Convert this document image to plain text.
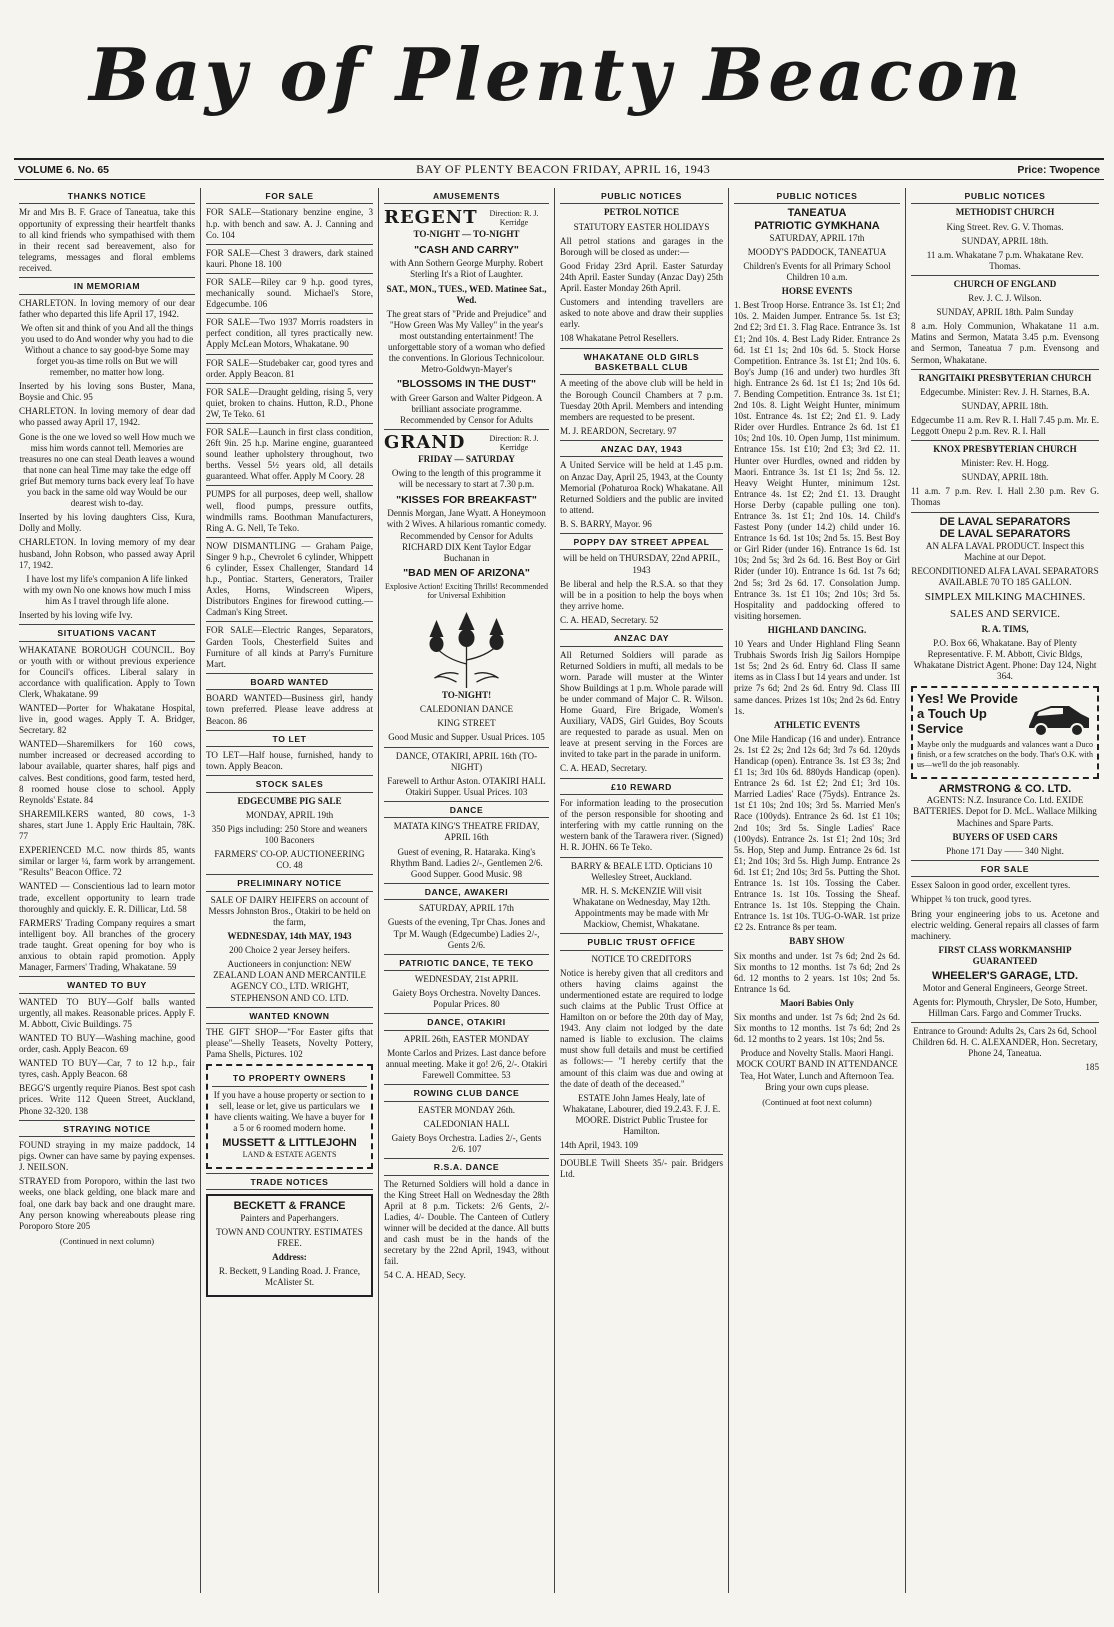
Bay of Plenty Beacon
VOLUME 6. No. 65	BAY OF PLENTY BEACON FRIDAY, APRIL 16, 1943	Price: Twopence
THANKS NOTICE

Mr and Mrs B. F. Grace of Taneatua, take this opportunity of expressing their heartfelt thanks to all kind friends who sympathised with them in their recent sad bereavement, also for telegrams, messages and floral emblems received.

IN MEMORIAM

CHARLETON. In loving memory of our dear father who departed this life April 17, 1942.

We often sit and think of you And all the things you used to do And wonder why you had to die Without a chance to say good-bye Some may forget you-as time rolls on But we will remember, no matter how long.

Inserted by his loving sons Buster, Mana, Boysie and Chic. 95

CHARLETON. In loving memory of dear dad who passed away April 17, 1942.

Gone is the one we loved so well How much we miss him words cannot tell. Memories are treasures no one can steal Death leaves a wound that none can heal Time may take the edge off grief But memory turns back every leaf To have you back in the same old way Would be our dearest wish to-day.

Inserted by his loving daughters Ciss, Kura, Dolly and Molly.

CHARLETON. In loving memory of my dear husband, John Robson, who passed away April 17, 1942.

I have lost my life's companion A life linked with my own No one knows how much I miss him As I travel through life alone.

Inserted by his loving wife Ivy.

SITUATIONS VACANT

WHAKATANE BOROUGH COUNCIL. Boy or youth with or without previous experience for Council's offices. Liberal salary in accordance with qualification. Apply to Town Clerk, Whakatane. 99

WANTED—Porter for Whakatane Hospital, live in, good wages. Apply T. A. Bridger, Secretary. 82

WANTED—Sharemilkers for 160 cows, number increased or decreased according to labour available, quarter shares, half pigs and calves. Best conditions, good farm, tested herd, 8 roomed house close to school. Apply Reynolds' Estate. 84

SHAREMILKERS wanted, 80 cows, 1-3 shares, start June 1. Apply Eric Haultain, 78K. 77

EXPERIENCED M.C. now thirds 85, wants similar or larger ¼, farm work by arrangement. "Results" Beacon Office. 72

WANTED — Conscientious lad to learn motor trade, excellent opportunity to learn trade thoroughly and quickly. E. R. Dillicar, Ltd. 58

FARMERS' Trading Company requires a smart intelligent boy. All branches of the grocery trade taught. Great opening for boy who is anxious to obtain rapid promotion. Apply Manager, Farmers' Trading, Whakatane. 59

WANTED TO BUY

WANTED TO BUY—Golf balls wanted urgently, all makes. Reasonable prices. Apply F. M. Abbott, Civic Buildings. 75

WANTED TO BUY—Washing machine, good order, cash. Apply Beacon. 69

WANTED TO BUY—Car, 7 to 12 h.p., fair tyres, cash. Apply Beacon. 68

BEGG'S urgently require Pianos. Best spot cash prices. Write 112 Queen Street, Auckland, Phone 32-320. 138

STRAYING NOTICE

FOUND straying in my maize paddock, 14 pigs. Owner can have same by paying expenses. J. NEILSON.

STRAYED from Poroporo, within the last two weeks, one black gelding, one black mare and foal, one dark bay back and one draught mare. Any person knowing whereabouts please ring Poroporo Store 205

(Continued in next column)
FOR SALE

FOR SALE—Stationary benzine engine, 3 h.p. with bench and saw. A. J. Canning and Co. 104

FOR SALE—Chest 3 drawers, dark stained kauri. Phone 18. 100

FOR SALE—Riley car 9 h.p. good tyres, mechanically sound. Michael's Store, Edgecumbe. 106

FOR SALE—Two 1937 Morris roadsters in perfect condition, all tyres practically new. Apply McLean Motors, Whakatane. 90

FOR SALE—Studebaker car, good tyres and order. Apply Beacon. 81

FOR SALE—Draught gelding, rising 5, very quiet, broken to chains. Hutton, R.D., Phone 2W, Te Teko. 61

FOR SALE—Launch in first class condition, 26ft 9in. 25 h.p. Marine engine, guaranteed sound leather upholstery throughout, two berths. Vessel 5½ years old, all details guaranteed. What offer. Apply M Coory. 28

PUMPS for all purposes, deep well, shallow well, flood pumps, pressure outfits, windmills rams. Boothman Manufacturers, Ring A. G. Nell, Te Teko.

NOW DISMANTLING — Graham Paige, Singer 9 h.p., Chevrolet 6 cylinder, Whippett 6 cylinder, Essex Challenger, Standard 14 h.p., Pontiac. Starters, Generators, Trailer Axles, Horns, Windscreen Wipers, Distributors Engines for firewood cutting.—Cadman's King Street.

FOR SALE—Electric Ranges, Separators, Garden Tools, Chesterfield Suites and Furniture of all kinds at Parry's Furniture Mart.

BOARD WANTED

BOARD WANTED—Business girl, handy town preferred. Please leave address at Beacon. 86

TO LET

TO LET—Half house, furnished, handy to town. Apply Beacon.

STOCK SALES

EDGECUMBE PIG SALE

MONDAY, APRIL 19th

350 Pigs including: 250 Store and weaners 100 Baconers

FARMERS' CO-OP. AUCTIONEERING CO. 48

PRELIMINARY NOTICE

SALE OF DAIRY HEIFERS on account of Messrs Johnston Bros., Otakiri to be held on the farm,

WEDNESDAY, 14th MAY, 1943

200 Choice 2 year Jersey heifers.

Auctioneers in conjunction: NEW ZEALAND LOAN AND MERCANTILE AGENCY CO., LTD. WRIGHT, STEPHENSON AND CO. LTD.

WANTED KNOWN

THE GIFT SHOP—"For Easter gifts that please"—Shelly Teasets, Novelty Pottery, Pama Shells, Pictures. 102

TO PROPERTY OWNERS

If you have a house property or section to sell, lease or let, give us particulars we have clients waiting. We have a buyer for a 5 or 6 roomed modern home.

MUSSETT & LITTLEJOHN

LAND & ESTATE AGENTS

TRADE NOTICES
BECKETT & FRANCE

Painters and Paperhangers.

TOWN AND COUNTRY. ESTIMATES FREE.

Address:

R. Beckett, 9 Landing Road. J. France, McAlister St.

AMUSEMENTS
REGENT	Direction: R. J. Kerridge

TO-NIGHT — TO-NIGHT

"CASH AND CARRY"

with Ann Sothern George Murphy. Robert Sterling It's a Riot of Laughter.

SAT., MON., TUES., WED. Matinee Sat., Wed.

The great stars of "Pride and Prejudice" and "How Green Was My Valley" in the year's most outstanding entertainment! The unforgettable story of a woman who defied the conventions. In Glorious Technicolour. Metro-Goldwyn-Mayer's

"BLOSSOMS IN THE DUST"

with Greer Garson and Walter Pidgeon. A brilliant associate programme. Recommended by Censor for Adults

GRAND	Direction: R. J. Kerridge

FRIDAY — SATURDAY

Owing to the length of this programme it will be necessary to start at 7.30 p.m.

"KISSES FOR BREAKFAST"

Dennis Morgan, Jane Wyatt. A Honeymoon with 2 Wives. A hilarious romantic comedy. Recommended by Censor for Adults RICHARD DIX Kent Taylor Edgar Buchanan in

"BAD MEN OF ARIZONA"

Explosive Action! Exciting Thrills! Recommended for Universal Exhibition

TO-NIGHT!

CALEDONIAN DANCE

KING STREET

Good Music and Supper. Usual Prices. 105

DANCE, OTAKIRI, APRIL 16th (TO-NIGHT)

Farewell to Arthur Aston. OTAKIRI HALL Otakiri Supper. Usual Prices. 103

DANCE

MATATA KING'S THEATRE FRIDAY, APRIL 16th

Guest of evening, R. Hataraka. King's Rhythm Band. Ladies 2/-, Gentlemen 2/6. Good Supper. Good Music. 98

DANCE, AWAKERI

SATURDAY, APRIL 17th

Guests of the evening, Tpr Chas. Jones and Tpr M. Waugh (Edgecumbe) Ladies 2/-, Gents 2/6.

PATRIOTIC DANCE, TE TEKO

WEDNESDAY, 21st APRIL

Gaiety Boys Orchestra. Novelty Dances. Popular Prices. 80

DANCE, OTAKIRI

APRIL 26th, EASTER MONDAY

Monte Carlos and Prizes. Last dance before annual meeting. Make it go! 2/6, 2/-. Otakiri Farewell Committee. 53

ROWING CLUB DANCE

EASTER MONDAY 26th.

CALEDONIAN HALL

Gaiety Boys Orchestra. Ladies 2/-, Gents 2/6. 107

R.S.A. DANCE

The Returned Soldiers will hold a dance in the King Street Hall on Wednesday the 28th April at 8 p.m. Tickets: 2/6 Gents, 2/- Ladies, 4/- Double. The Canteen of Cutlery winner will be decided at the dance. All butts and cash must be in the hands of the secretary by the 22nd April, 1943, without fail.

54 C. A. HEAD, Secy.

PUBLIC NOTICES

PETROL NOTICE

STATUTORY EASTER HOLIDAYS

All petrol stations and garages in the Borough will be closed as under:—

Good Friday 23rd April. Easter Saturday 24th April. Easter Sunday (Anzac Day) 25th April. Easter Monday 26th April.

Customers and intending travellers are asked to note above and draw their supplies early.

108 Whakatane Petrol Resellers.

WHAKATANE OLD GIRLS BASKETBALL CLUB

A meeting of the above club will be held in the Borough Council Chambers at 7 p.m. Tuesday 20th April. Members and intending members are requested to be present.

M. J. REARDON, Secretary. 97

ANZAC DAY, 1943

A United Service will be held at 1.45 p.m. on Anzac Day, April 25, 1943, at the County Memorial (Pohaturoa Rock) Whakatane. All Returned Soldiers and the public are invited to attend.

B. S. BARRY, Mayor. 96

POPPY DAY STREET APPEAL

will be held on THURSDAY, 22nd APRIL, 1943

Be liberal and help the R.S.A. so that they will be in a position to help the boys when they arrive home.

C. A. HEAD, Secretary. 52

ANZAC DAY

All Returned Soldiers will parade as Returned Soldiers in mufti, all medals to be worn. Parade will muster at the Winter Show Buildings at 1 p.m. Whole parade will be under command of Major C. R. Wilson. Home Guard, Fire Brigade, Women's Auxiliary, VADS, Girl Guides, Boy Scouts are requested to parade as usual. Men on leave at present serving in the Forces are invited to take part in the parade in uniform.

C. A. HEAD, Secretary.

£10 REWARD

For information leading to the prosecution of the person responsible for shooting and interfering with my cattle running on the western bank of the Tarawera river. (Signed) H. R. JOHN. 66 Te Teko.

BARRY & BEALE LTD. Opticians 10 Wellesley Street, Auckland.

MR. H. S. McKENZIE Will visit Whakatane on Wednesday, May 12th. Appointments may be made with Mr Mackiow, Chemist, Whakatane.

PUBLIC TRUST OFFICE

NOTICE TO CREDITORS

Notice is hereby given that all creditors and others having claims against the undermentioned estate are required to lodge such claims at the Public Trust Office at Hamilton on or before the 20th day of May, 1943. Any claim not lodged by the date named is liable to exclusion. The claims must show full details and must be certified as follows:— "I hereby certify that the amount of this claim was due and owing at the date of death of the deceased."

ESTATE John James Healy, late of Whakatane, Labourer, died 19.2.43. F. J. E. MOORE. District Public Trustee for Hamilton.

14th April, 1943. 109

DOUBLE Twill Sheets 35/- pair. Bridgers Ltd.

PUBLIC NOTICES
TANEATUA
PATRIOTIC GYMKHANA

SATURDAY, APRIL 17th

MOODY'S PADDOCK, TANEATUA

Children's Events for all Primary School Children 10 a.m.

HORSE EVENTS

1. Best Troop Horse. Entrance 3s. 1st £1; 2nd 10s. 2. Maiden Jumper. Entrance 5s. 1st £3; 2nd £2; 3rd £1. 3. Flag Race. Entrance 3s. 1st £1; 2nd 10s. 4. Best Lady Rider. Entrance 2s 6d. 1st £1 1s; 2nd 10s 6d. 5. Stock Horse Competition. Entrance 3s. 1st £1; 2nd 10s. 6. Boy's Jump (16 and under) two hurdles 3ft high. Entrance 2s 6d. 1st £1 1s; 2nd 10s 6d. 7. Bending Competition. Entrance 3s. 1st £1; 2nd 10s. 8. Light Weight Hunter, minimum 10st. Entrance 4s. 1st £2; 2nd £1. 9. Lady Rider over Hurdles. Entrance 2s 6d. 1st £1 10s; 2nd 10s. 10. Open Jump, 11st minimum. Entrance 15s. 1st £10; 2nd £3; 3rd £2. 11. Hunter over Hurdles, owned and ridden by Maori. Entrance 3s. 1st £1 1s; 2nd 5s. 12. Heavy Weight Hunter, minimum 12st. Entrance 4s. 1st £2; 2nd £1. 13. Draught Horse Derby (capable pulling one ton). Entrance 3s. 1st £1; 2nd 10s. 14. Child's Fastest Pony (under 14.2) child under 16. Entrance 1s 6d. 1st 10s; 2nd 5s. 15. Best Boy or Girl Rider (under 16). Entrance 1s 6d. 1st 10s; 2nd 5s; 3rd 2s 6d. 16. Best Boy or Girl Rider (under 10). Entrance 1s 6d. 1st 7s 6d; 2nd 5s; 3rd 2s 6d. 17. Consolation Jump. Entrance 3s. 1st £1 10s; 2nd 10s; 3rd 5s. Hospitality and paddocking offered to visiting horsemen.

HIGHLAND DANCING.

10 Years and Under Highland Fling Seann Trubhais Swords Irish Jig Sailors Hornpipe 1st 5s; 2nd 2s 6d. Entry 6d. Class II same items as in Class I but 14 years and under. 1st prize 7s 6d; 2nd 2s 6d. Entry 9d. Class III same dances. Prizes 1st 10s; 2nd 2s 6d. Entry 1s.

ATHLETIC EVENTS

One Mile Handicap (16 and under). Entrance 2s. 1st £2 2s; 2nd 12s 6d; 3rd 7s 6d. 120yds Handicap (open). Entrance 3s. 1st £3 3s; 2nd £1 1s; 3rd 10s 6d. 880yds Handicap (open). Entrance 2s 6d. 1st £2; 2nd £1; 3rd 10s. Married Ladies' Race (75yds). Entrance 2s. 1st £1 10s; 2nd 10s; 3rd 5s. Married Men's Race (100yds). Entrance 2s 6d. 1st £1 10s; 2nd 10s; 3rd 5s. Single Ladies' Race (100yds). Entrance 2s. 1st £1; 2nd 10s; 3rd 5s. Hop, Step and Jump. Entrance 2s 6d. 1st £1; 2nd 10s; 3rd 5s. High Jump. Entrance 2s 6d. 1st £1; 2nd 10s; 3rd 5s. Putting the Shot. Entrance 1s. 1st 10s. Tossing the Caber. Entrance 1s. 1st 10s. Tossing the Sheaf. Entrance 1s. 1st 10s. Stepping the Chain. Entrance 1s. 1st 10s. TUG-O-WAR. 1st prize £2 2s. Entrance 8s per team.

BABY SHOW

Six months and under. 1st 7s 6d; 2nd 2s 6d. Six months to 12 months. 1st 7s 6d; 2nd 2s 6d. 12 months to 2 years. 1st 10s; 2nd 5s. Entrance 1s 6d.

Maori Babies Only

Six months and under. 1st 7s 6d; 2nd 2s 6d. Six months to 12 months. 1st 7s 6d; 2nd 2s 6d. 12 months to 2 years. 1st 10s; 2nd 5s.

Produce and Novelty Stalls. Maori Hangi. MOCK COURT BAND IN ATTENDANCE Tea, Hot Water, Lunch and Afternoon Tea. Bring your own cups please.

(Continued at foot next column)
PUBLIC NOTICES

METHODIST CHURCH

King Street. Rev. G. V. Thomas.

SUNDAY, APRIL 18th.

11 a.m. Whakatane 7 p.m. Whakatane Rev. Thomas.

CHURCH OF ENGLAND

Rev. J. C. J. Wilson.

SUNDAY, APRIL 18th. Palm Sunday

8 a.m. Holy Communion, Whakatane 11 a.m. Matins and Sermon, Matata 3.45 p.m. Evensong and Sermon, Taneatua 7 p.m. Evensong and Sermon, Whakatane.

RANGITAIKI PRESBYTERIAN CHURCH

Edgecumbe. Minister: Rev. J. H. Starnes, B.A.

SUNDAY, APRIL 18th.

Edgecumbe 11 a.m. Rev R. I. Hall 7.45 p.m. Mr. E. Leggott Onepu 2 p.m. Rev. R. I. Hall

KNOX PRESBYTERIAN CHURCH

Minister: Rev. H. Hogg.

SUNDAY, APRIL 18th.

11 a.m. 7 p.m. Rev. I. Hall 2.30 p.m. Rev G. Thomas

DE LAVAL SEPARATORS
DE LAVAL SEPARATORS

AN ALFA LAVAL PRODUCT. Inspect this Machine at our Depot.

RECONDITIONED ALFA LAVAL SEPARATORS AVAILABLE 70 TO 185 GALLON.

SIMPLEX MILKING MACHINES.

SALES AND SERVICE.

R. A. TIMS,

P.O. Box 66, Whakatane. Bay of Plenty Representative. F. M. Abbott, Civic Bldgs, Whakatane District Agent. Phone: Day 124, Night 364.

Yes! We Provide a Touch Up Service

Maybe only the mudguards and valances want a Duco finish, or a few scratches on the body. That's O.K. with us—we'll do the job reasonably.

ARMSTRONG & CO. LTD.

AGENTS: N.Z. Insurance Co. Ltd. EXIDE BATTERIES. Depot for D. McL. Wallace Milking Machines and Spare Parts.

BUYERS OF USED CARS

Phone 171 Day —— 340 Night.

FOR SALE

Essex Saloon in good order, excellent tyres.

Whippet ¾ ton truck, good tyres.

Bring your engineering jobs to us. Acetone and electric welding. General repairs all classes of farm machinery.

FIRST CLASS WORKMANSHIP GUARANTEED

WHEELER'S GARAGE, LTD.

Motor and General Engineers, George Street.

Agents for: Plymouth, Chrysler, De Soto, Humber, Hillman Cars. Fargo and Commer Trucks.

Entrance to Ground: Adults 2s, Cars 2s 6d, School Children 6d. H. C. ALEXANDER, Hon. Secretary, Phone 24, Taneatua.

185
